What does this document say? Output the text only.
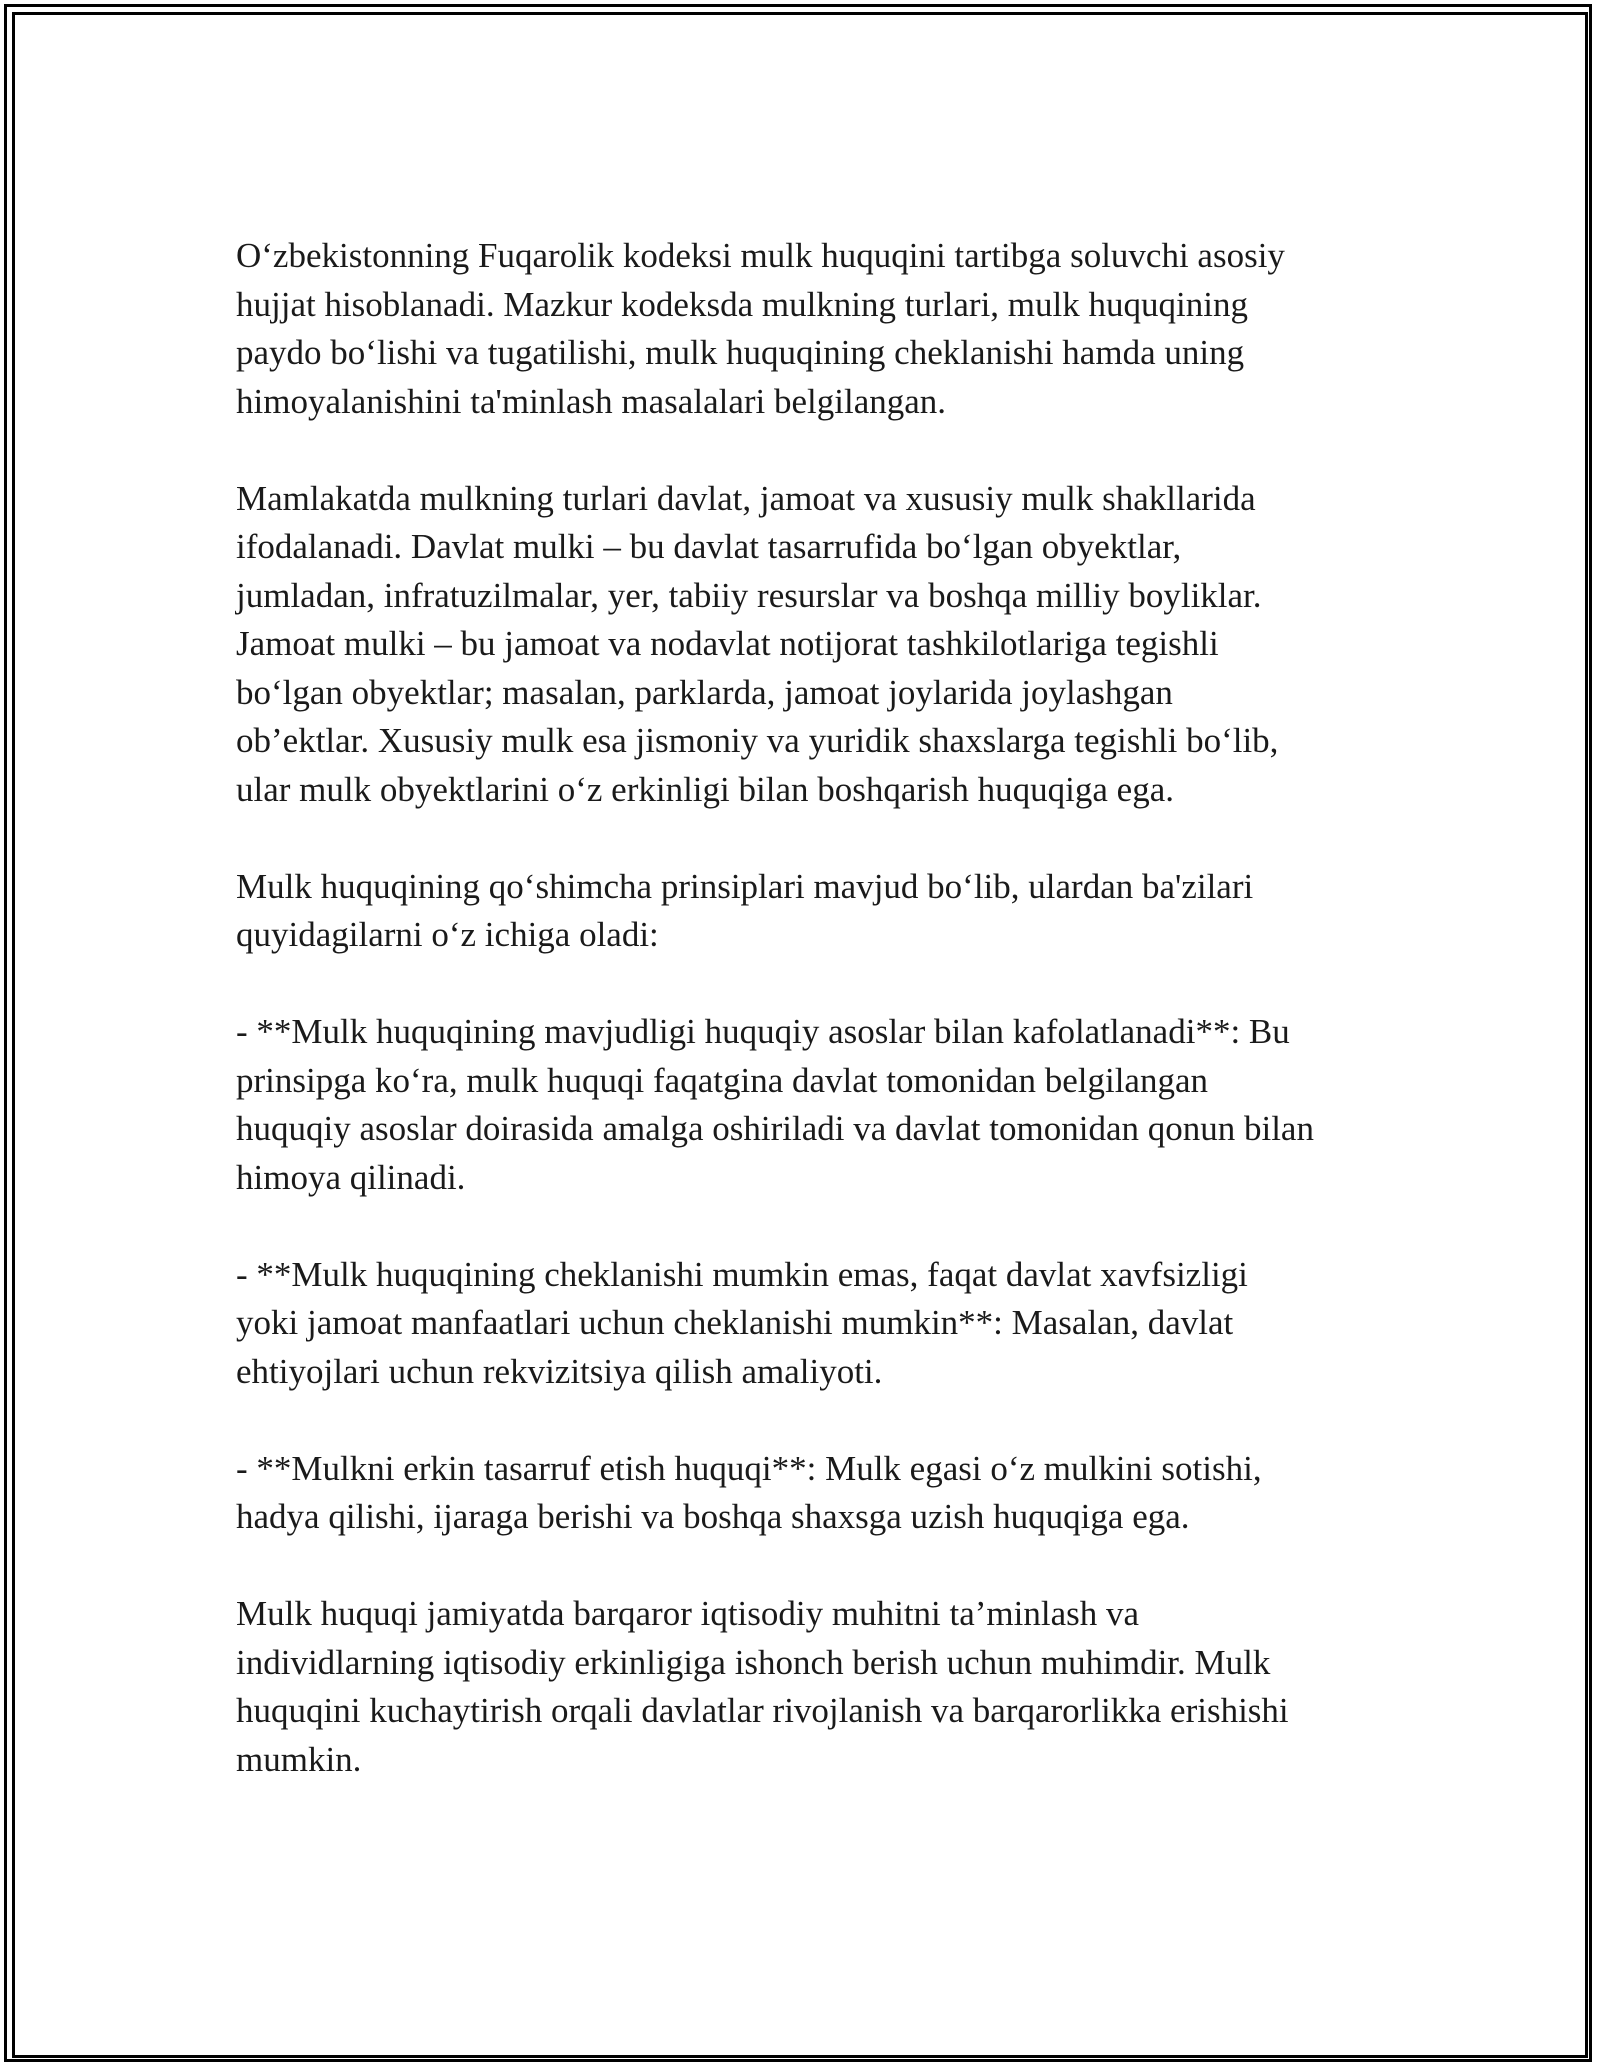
O‘zbekistonning Fuqarolik kodeksi mulk huquqini tartibga soluvchi asosiy
hujjat hisoblanadi. Mazkur kodeksda mulkning turlari, mulk huquqining
paydo bo‘lishi va tugatilishi, mulk huquqining cheklanishi hamda uning
himoyalanishini ta'minlash masalalari belgilangan.

Mamlakatda mulkning turlari davlat, jamoat va xususiy mulk shakllarida
ifodalanadi. Davlat mulki – bu davlat tasarrufida bo‘lgan obyektlar,
jumladan, infratuzilmalar, yer, tabiiy resurslar va boshqa milliy boyliklar.
Jamoat mulki – bu jamoat va nodavlat notijorat tashkilotlariga tegishli
bo‘lgan obyektlar; masalan, parklarda, jamoat joylarida joylashgan
ob’ektlar. Xususiy mulk esa jismoniy va yuridik shaxslarga tegishli bo‘lib,
ular mulk obyektlarini o‘z erkinligi bilan boshqarish huquqiga ega.

Mulk huquqining qo‘shimcha prinsiplari mavjud bo‘lib, ulardan ba'zilari
quyidagilarni o‘z ichiga oladi:

- **Mulk huquqining mavjudligi huquqiy asoslar bilan kafolatlanadi**: Bu
prinsipga ko‘ra, mulk huquqi faqatgina davlat tomonidan belgilangan
huquqiy asoslar doirasida amalga oshiriladi va davlat tomonidan qonun bilan
himoya qilinadi.

- **Mulk huquqining cheklanishi mumkin emas, faqat davlat xavfsizligi
yoki jamoat manfaatlari uchun cheklanishi mumkin**: Masalan, davlat
ehtiyojlari uchun rekvizitsiya qilish amaliyoti.

- **Mulkni erkin tasarruf etish huquqi**: Mulk egasi o‘z mulkini sotishi,
hadya qilishi, ijaraga berishi va boshqa shaxsga uzish huquqiga ega.

Mulk huquqi jamiyatda barqaror iqtisodiy muhitni ta’minlash va
individlarning iqtisodiy erkinligiga ishonch berish uchun muhimdir. Mulk
huquqini kuchaytirish orqali davlatlar rivojlanish va barqarorlikka erishishi
mumkin.
